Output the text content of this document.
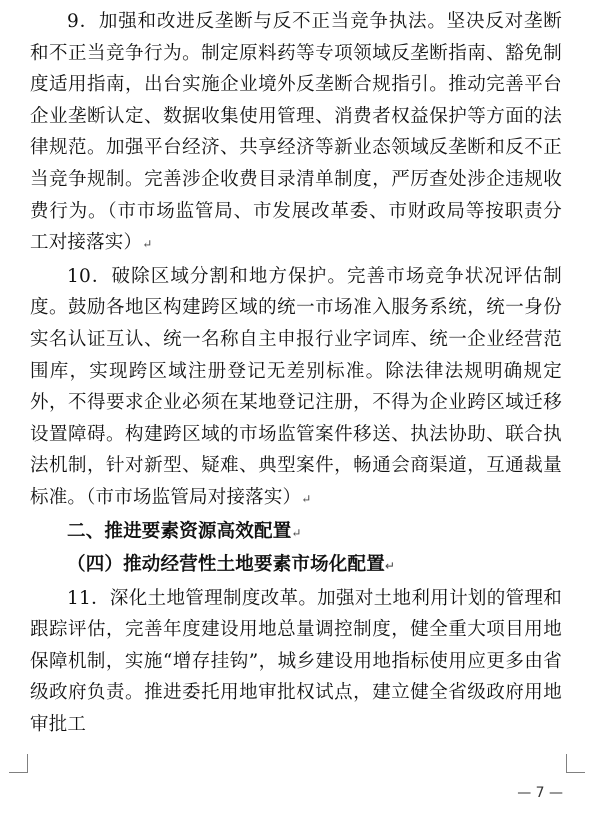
9．加强和改进反垄断与反不正当竞争执法。坚决反对垄断和不正当竞争行为。制定原料药等专项领域反垄断指南、豁免制度适用指南，出台实施企业境外反垄断合规指引。推动完善平台企业垄断认定、数据收集使用管理、消费者权益保护等方面的法律规范。加强平台经济、共享经济等新业态领域反垄断和反不正当竞争规制。完善涉企收费目录清单制度，严厉查处涉企违规收费行为。（市市场监管局、市发展改革委、市财政局等按职责分工对接落实）↵

10．破除区域分割和地方保护。完善市场竞争状况评估制度。鼓励各地区构建跨区域的统一市场准入服务系统，统一身份实名认证互认、统一名称自主申报行业字词库、统一企业经营范围库，实现跨区域注册登记无差别标准。除法律法规明确规定外，不得要求企业必须在某地登记注册，不得为企业跨区域迁移设置障碍。构建跨区域的市场监管案件移送、执法协助、联合执法机制，针对新型、疑难、典型案件，畅通会商渠道，互通裁量标准。（市市场监管局对接落实）↵

二、推进要素资源高效配置↵

（四）推动经营性土地要素市场化配置↵

11．深化土地管理制度改革。加强对土地利用计划的管理和跟踪评估，完善年度建设用地总量调控制度，健全重大项目用地保障机制，实施“增存挂钩”，城乡建设用地指标使用应更多由省级政府负责。推进委托用地审批权试点，建立健全省级政府用地审批工

— 7 —
